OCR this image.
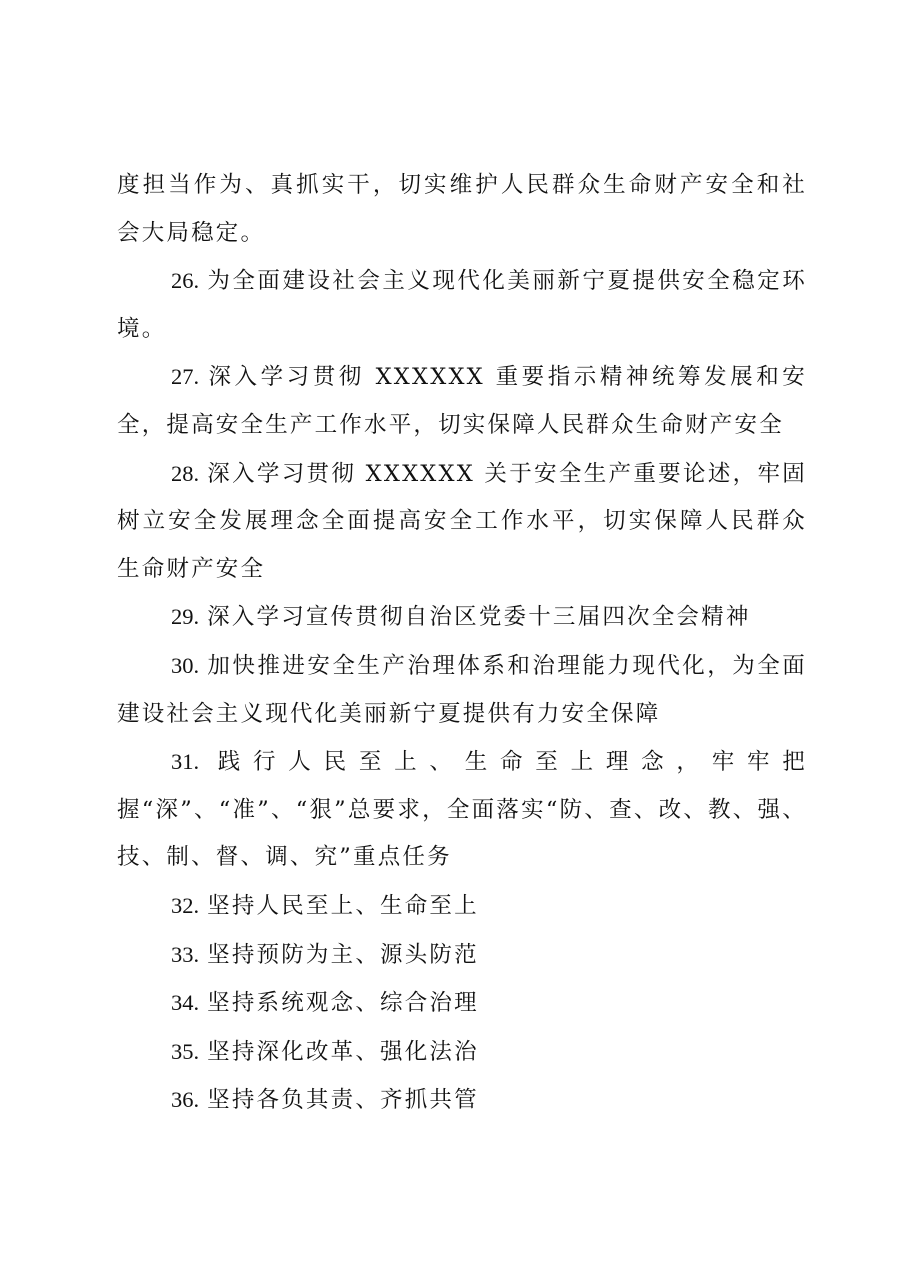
度担当作为、真抓实干，切实维护人民群众生命财产安全和社会大局稳定。

26. 为全面建设社会主义现代化美丽新宁夏提供安全稳定环境。

27. 深入学习贯彻 XXXXXX 重要指示精神统筹发展和安全，提高安全生产工作水平，切实保障人民群众生命财产安全

28. 深入学习贯彻 XXXXXX 关于安全生产重要论述，牢固树立安全发展理念全面提高安全工作水平，切实保障人民群众生命财产安全

29. 深入学习宣传贯彻自治区党委十三届四次全会精神

30. 加快推进安全生产治理体系和治理能力现代化，为全面建设社会主义现代化美丽新宁夏提供有力安全保障

31. 践行人民至上、生命至上理念，牢牢把握“深”、“准”、“狠”总要求，全面落实“防、查、改、教、强、技、制、督、调、究”重点任务

32. 坚持人民至上、生命至上

33. 坚持预防为主、源头防范

34. 坚持系统观念、综合治理

35. 坚持深化改革、强化法治

36. 坚持各负其责、齐抓共管
